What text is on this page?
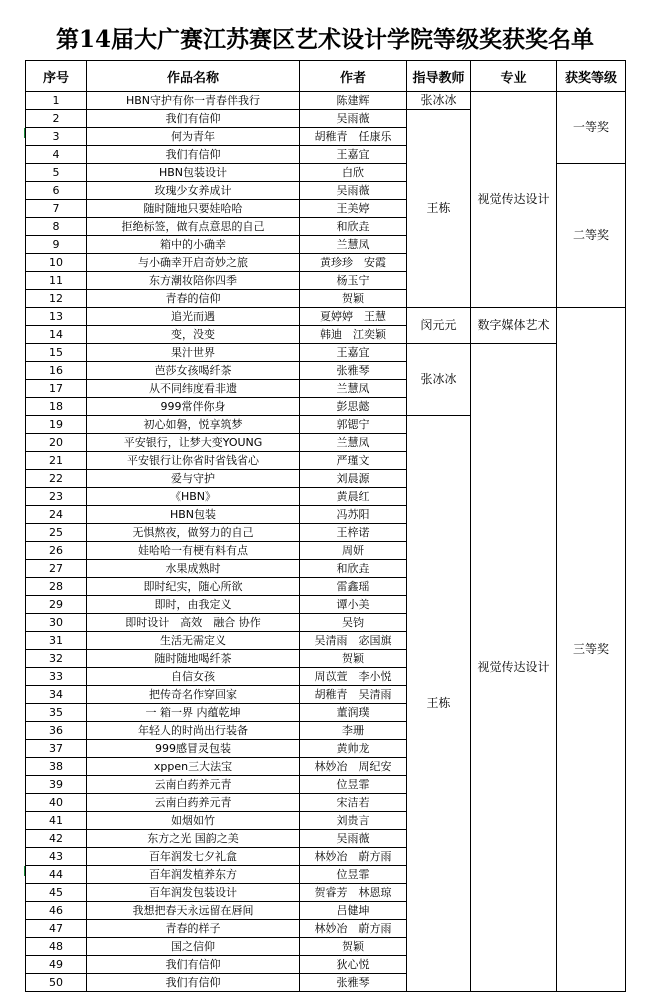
第14届大广赛江苏赛区艺术设计学院等级奖获奖名单
序号	作品名称	作者	指导教师	专业	获奖等级
1	HBN守护有你一青春伴我行	陈建辉	张冰冰	视觉传达设计	一等奖
2	我们有信仰	吴雨薇	王栋		
3	何为青年	胡稚青　任康乐			
4	我们有信仰	王嘉宜			
5	HBN包装设计	白欣			二等奖
6	玫瑰少女养成计	吴雨薇			
7	随时随地只要娃哈哈	王美婷			
8	拒绝标签，做有点意思的自己	和欣垚			
9	箱中的小确幸	兰慧凤			
10	与小确幸开启奇妙之旅	黄珍珍　安霞			
11	东方潮妆陪你四季	杨玉宁			
12	青春的信仰	贺颖			
13	追光而遇	夏婷婷　王慧	闵元元	数字媒体艺术	三等奖
14	变，没变	韩迪　江奕颖			
15	果汁世界	王嘉宜	张冰冰	视觉传达设计	
16	芭莎女孩喝纤茶	张雅琴			
17	从不同纬度看非遗	兰慧凤			
18	999常伴你身	彭思懿			
19	初心如磐，悦享筑梦	郭锶宁	王栋		
20	平安银行，让梦大变YOUNG	兰慧凤			
21	平安银行让你省时省钱省心	严瑾文			
22	爱与守护	刘晨源			
23	《HBN》	黄晨红			
24	HBN包装	冯苏阳			
25	无惧熬夜，做努力的自己	王梓诺			
26	娃哈哈一有梗有料有点	周妍			
27	水果成熟时	和欣垚			
28	即时纪实，随心所欲	雷鑫瑶			
29	即时，由我定义	谭小美			
30	即时设计　高效　融合 协作	吴钧			
31	生活无需定义	吴清雨　宓国旗			
32	随时随地喝纤茶	贺颖			
33	自信女孩	周苡萱　李小悦			
34	把传奇名作穿回家	胡稚青　吴清雨			
35	一 箱一界 内蕴乾坤	董润璞			
36	年轻人的时尚出行装备	李珊			
37	999感冒灵包装	黄帅龙			
38	xppen三大法宝	林妙冶　周纪安			
39	云南白药养元青	位昱霏			
40	云南白药养元青	宋洁若			
41	如烟如竹	刘贵言			
42	东方之光 国韵之美	吴雨薇			
43	百年润发七夕礼盒	林妙冶　蔚方雨			
44	百年润发植养东方	位昱霏			
45	百年润发包装设计	贺睿芳　林恩琼			
46	我想把春天永远留在唇间	吕健坤			
47	青春的样子	林妙冶　蔚方雨			
48	国之信仰	贺颖			
49	我们有信仰	狄心悦			
50	我们有信仰	张雅琴			
